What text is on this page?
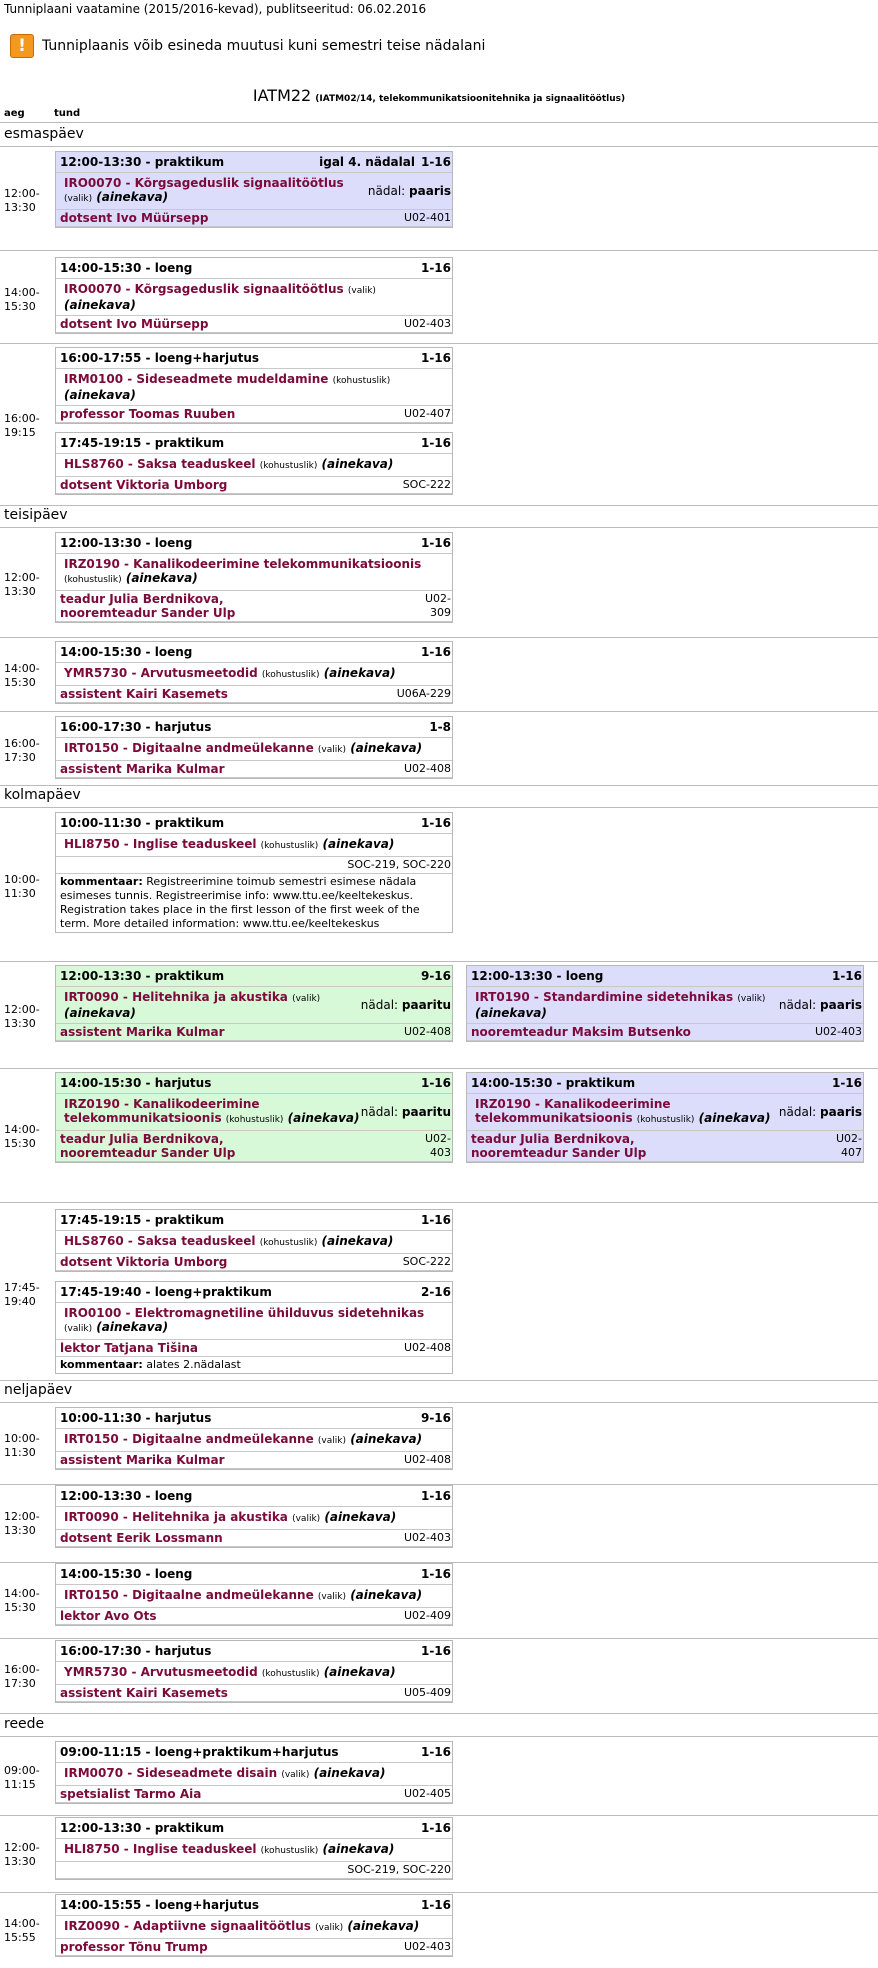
Tunniplaani vaatamine (2015/2016-kevad), publitseeritud: 06.02.2016
!	Tunniplaanis võib esineda muutusi kuni semestri teise nädalani
IATM22 (IATM02/14, telekommunikatsioonitehnika ja signaalitöötlus)
aeg	tund
esmaspäev
12:00-
13:30
12:00-13:30 - praktikum	igal 4. nädalal 1-16
IRO0070 - Kõrgsageduslik signaalitöötlus (valik) (ainekava)	nädal: paaris
dotsent Ivo Müürsepp	U02-401
14:00-
15:30
14:00-15:30 - loeng	1-16
IRO0070 - Kõrgsageduslik signaalitöötlus (valik) (ainekava)
dotsent Ivo Müürsepp	U02-403
16:00-
19:15
16:00-17:55 - loeng+harjutus	1-16
IRM0100 - Sideseadmete mudeldamine (kohustuslik) (ainekava)
professor Toomas Ruuben	U02-407
17:45-19:15 - praktikum	1-16
HLS8760 - Saksa teaduskeel (kohustuslik) (ainekava)
dotsent Viktoria Umborg	SOC-222
teisipäev
12:00-
13:30
12:00-13:30 - loeng	1-16
IRZ0190 - Kanalikodeerimine telekommunikatsioonis (kohustuslik) (ainekava)
teadur Julia Berdnikova,
nooremteadur Sander Ulp
U02-
309
14:00-
15:30
14:00-15:30 - loeng	1-16
YMR5730 - Arvutusmeetodid (kohustuslik) (ainekava)
assistent Kairi Kasemets	U06A-229
16:00-
17:30
16:00-17:30 - harjutus	1-8
IRT0150 - Digitaalne andmeülekanne (valik) (ainekava)
assistent Marika Kulmar	U02-408
kolmapäev
10:00-
11:30
10:00-11:30 - praktikum	1-16
HLI8750 - Inglise teaduskeel (kohustuslik) (ainekava)
SOC-219, SOC-220
kommentaar: Registreerimine toimub semestri esimese nädala esimeses tunnis. Registreerimise info: www.ttu.ee/keeltekeskus. Registration takes place in the first lesson of the first week of the term. More detailed information: www.ttu.ee/keeltekeskus
12:00-
13:30
12:00-13:30 - praktikum	9-16
IRT0090 - Helitehnika ja akustika (valik) (ainekava)
nädal: paaritu
assistent Marika Kulmar	U02-408
12:00-13:30 - loeng	1-16
IRT0190 - Standardimine sidetehnikas (valik) (ainekava)
nädal: paaris
nooremteadur Maksim Butsenko	U02-403
14:00-
15:30
14:00-15:30 - harjutus	1-16
IRZ0190 - Kanalikodeerimine telekommunikatsioonis (kohustuslik) (ainekava) nädal: paaritu
teadur Julia Berdnikova,
nooremteadur Sander Ulp
U02-
403
14:00-15:30 - praktikum	1-16
IRZ0190 - Kanalikodeerimine telekommunikatsioonis (kohustuslik) (ainekava) nädal: paaris
teadur Julia Berdnikova,
nooremteadur Sander Ulp
U02-
407
17:45-
19:40
17:45-19:15 - praktikum	1-16
HLS8760 - Saksa teaduskeel (kohustuslik) (ainekava)
dotsent Viktoria Umborg	SOC-222
17:45-19:40 - loeng+praktikum	2-16
IRO0100 - Elektromagnetiline ühilduvus sidetehnikas (valik) (ainekava)
lektor Tatjana Tišina	U02-408
kommentaar: alates 2.nädalast
neljapäev
10:00-
11:30
10:00-11:30 - harjutus	9-16
IRT0150 - Digitaalne andmeülekanne (valik) (ainekava)
assistent Marika Kulmar	U02-408
12:00-
13:30
12:00-13:30 - loeng	1-16
IRT0090 - Helitehnika ja akustika (valik) (ainekava)
dotsent Eerik Lossmann	U02-403
14:00-
15:30
14:00-15:30 - loeng	1-16
IRT0150 - Digitaalne andmeülekanne (valik) (ainekava)
lektor Avo Ots	U02-409
16:00-
17:30
16:00-17:30 - harjutus	1-16
YMR5730 - Arvutusmeetodid (kohustuslik) (ainekava)
assistent Kairi Kasemets	U05-409
reede
09:00-
11:15
09:00-11:15 - loeng+praktikum+harjutus	1-16
IRM0070 - Sideseadmete disain (valik) (ainekava)
spetsialist Tarmo Aia	U02-405
12:00-
13:30
12:00-13:30 - praktikum	1-16
HLI8750 - Inglise teaduskeel (kohustuslik) (ainekava)
SOC-219, SOC-220
14:00-
15:55
14:00-15:55 - loeng+harjutus	1-16
IRZ0090 - Adaptiivne signaalitöötlus (valik) (ainekava)
professor Tõnu Trump	U02-403
